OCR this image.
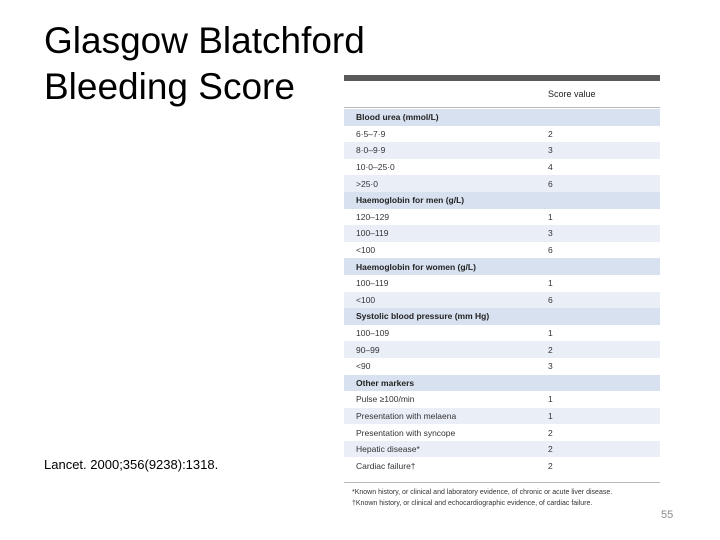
Glasgow Blatchford
Bleeding Score	Score value
Blood urea (mmol/L)
6·5–7·9	2
8·0–9·9	3
10·0–25·0	4
>25·0	6
Haemoglobin for men (g/L)
120–129	1
100–119	3
<100	6
Haemoglobin for women (g/L)
100–119	1
<100	6
Systolic blood pressure (mm Hg)
100–109	1
90–99	2
<90	3
Other markers
Pulse ≥100/min	1
Presentation with melaena	1
Presentation with syncope	2
Hepatic disease*	2
Cardiac failure†	2
*Known history, or clinical and laboratory evidence, of chronic or acute liver disease.
†Known history, or clinical and echocardiographic evidence, of cardiac failure.
Lancet. 2000;356(9238):1318.
55
